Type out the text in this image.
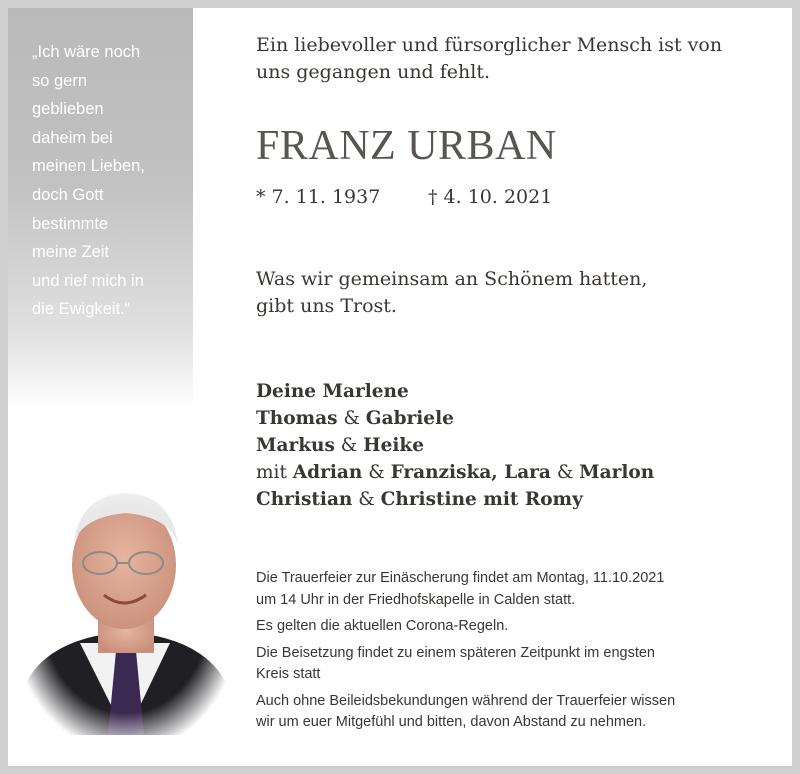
„Ich wäre noch
so gern
geblieben
daheim bei
meinen Lieben,
doch Gott
bestimmte
meine Zeit
und rief mich in
die Ewigkeit.“
Ein liebevoller und fürsorglicher Mensch ist von
uns gegangen und fehlt.
FRANZ URBAN
* 7. 11. 1937	† 4. 10. 2021
Was wir gemeinsam an Schönem hatten,
gibt uns Trost.
Deine Marlene
Thomas & Gabriele
Markus & Heike
mit Adrian & Franziska, Lara & Marlon
Christian & Christine mit Romy

Die Trauerfeier zur Einäscherung findet am Montag, 11.10.2021
um 14 Uhr in der Friedhofskapelle in Calden statt.

Es gelten die aktuellen Corona-Regeln.

Die Beisetzung findet zu einem späteren Zeitpunkt im engsten
Kreis statt

Auch ohne Beileidsbekundungen während der Trauerfeier wissen
wir um euer Mitgefühl und bitten, davon Abstand zu nehmen.
